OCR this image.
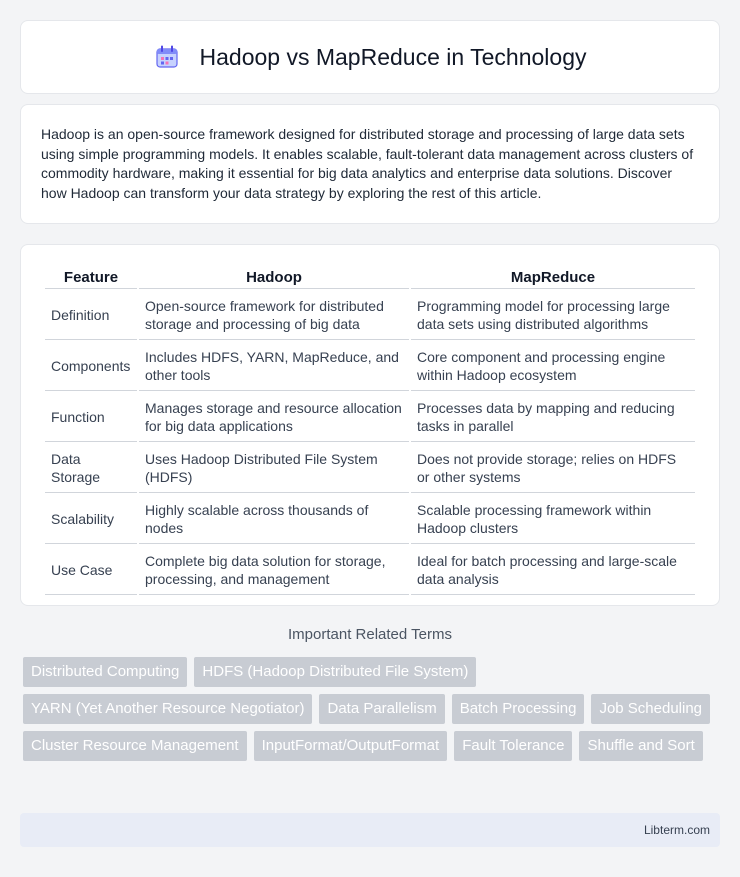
Hadoop vs MapReduce in Technology

Hadoop is an open-source framework designed for distributed storage and processing of large data sets using simple programming models. It enables scalable, fault-tolerant data management across clusters of commodity hardware, making it essential for big data analytics and enterprise data solutions. Discover how Hadoop can transform your data strategy by exploring the rest of this article.

Feature	Hadoop	MapReduce
Definition	Open-source framework for distributed storage and processing of big data	Programming model for processing large data sets using distributed algorithms
Components	Includes HDFS, YARN, MapReduce, and other tools	Core component and processing engine within Hadoop ecosystem
Function	Manages storage and resource allocation for big data applications	Processes data by mapping and reducing tasks in parallel
Data Storage	Uses Hadoop Distributed File System (HDFS)	Does not provide storage; relies on HDFS or other systems
Scalability	Highly scalable across thousands of nodes	Scalable processing framework within Hadoop clusters
Use Case	Complete big data solution for storage, processing, and management	Ideal for batch processing and large-scale data analysis
Important Related Terms
Distributed Computing	HDFS (Hadoop Distributed File System)
YARN (Yet Another Resource Negotiator)	Data Parallelism	Batch Processing	Job Scheduling
Cluster Resource Management	InputFormat/OutputFormat	Fault Tolerance	Shuffle and Sort
Libterm.com
